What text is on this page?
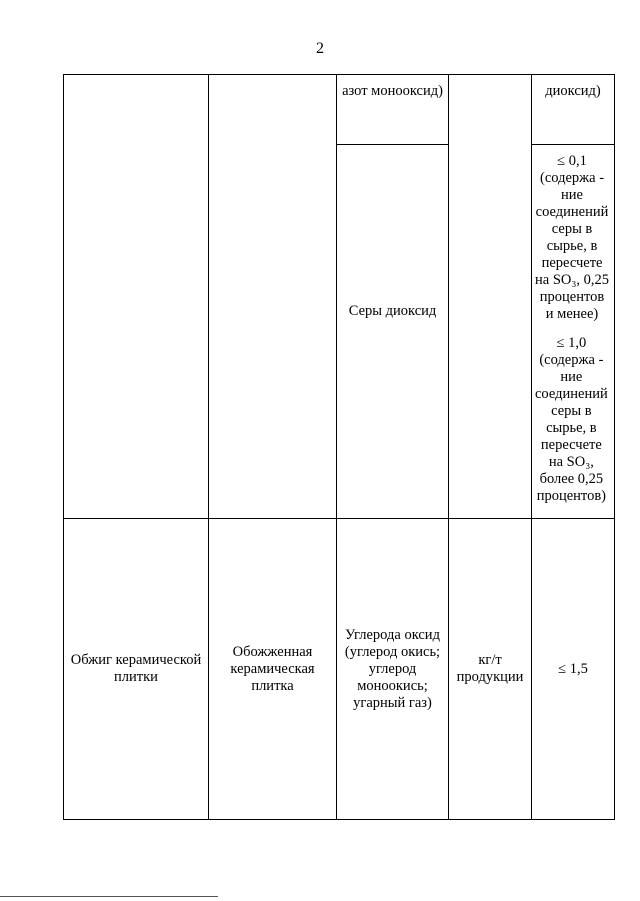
2
азот монооксид)	диоксид)
Серы диоксид
≤ 0,1
(содержа -
ние
соединений
серы в
сырье, в
пересчете
на SO₃, 0,25
процентов
и менее)
≤ 1,0
(содержа -
ние
соединений
серы в
сырье, в
пересчете
на SO₃,
более 0,25
процентов)
Обжиг керамической плитки
Обожженная керамическая плитка
Углерода оксид (углерод окись; углерод моноокись; угарный газ)
кг/т продукции
≤ 1,5
